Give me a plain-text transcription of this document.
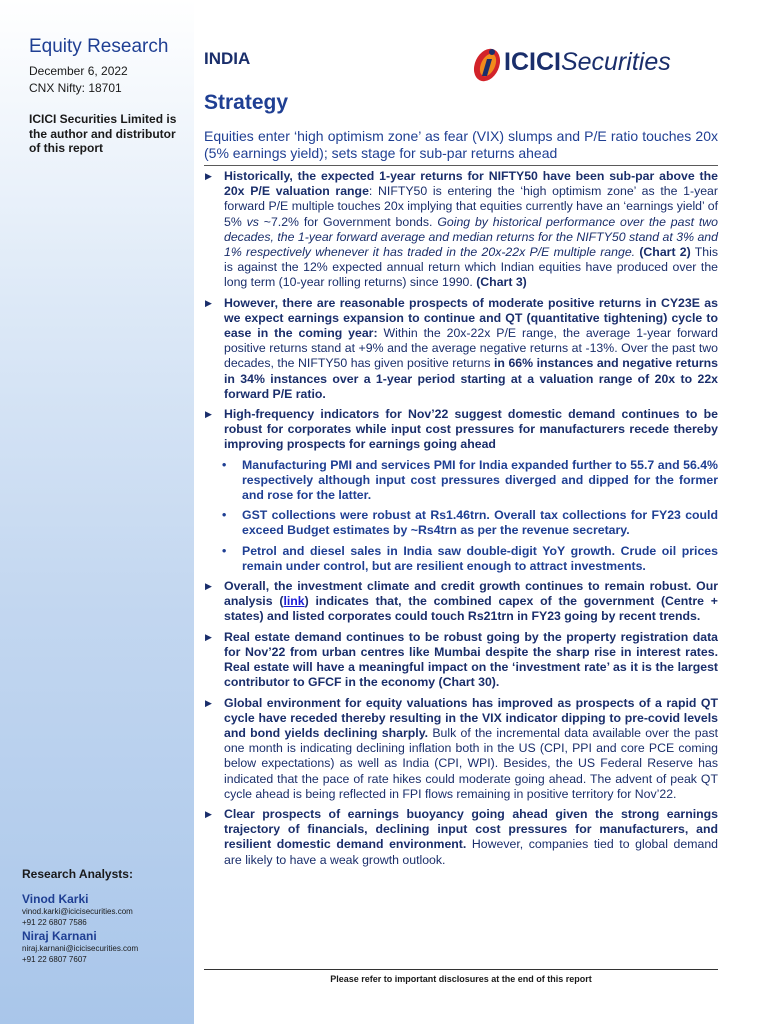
Equity Research
December 6, 2022
CNX Nifty: 18701
ICICI Securities Limited is the author and distributor of this report
Research Analysts:
Vinod Karki
vinod.karki@icicisecurities.com
+91 22 6807 7586
Niraj Karnani
niraj.karnani@icicisecurities.com
+91 22 6807 7607
INDIA	ICICISecurities
Strategy
Equities enter ‘high optimism zone’ as fear (VIX) slumps and P/E ratio touches 20x (5% earnings yield); sets stage for sub-par returns ahead
▶ Historically, the expected 1-year returns for NIFTY50 have been sub-par above the 20x P/E valuation range: NIFTY50 is entering the ‘high optimism zone’ as the 1-year forward P/E multiple touches 20x implying that equities currently have an ‘earnings yield’ of 5% vs ~7.2% for Government bonds. Going by historical performance over the past two decades, the 1-year forward average and median returns for the NIFTY50 stand at 3% and 1% respectively whenever it has traded in the 20x-22x P/E multiple range. (Chart 2) This is against the 12% expected annual return which Indian equities have produced over the long term (10-year rolling returns) since 1990. (Chart 3)
▶ However, there are reasonable prospects of moderate positive returns in CY23E as we expect earnings expansion to continue and QT (quantitative tightening) cycle to ease in the coming year: Within the 20x-22x P/E range, the average 1-year forward positive returns stand at +9% and the average negative returns at -13%. Over the past two decades, the NIFTY50 has given positive returns in 66% instances and negative returns in 34% instances over a 1-year period starting at a valuation range of 20x to 22x forward P/E ratio.
▶ High-frequency indicators for Nov’22 suggest domestic demand continues to be robust for corporates while input cost pressures for manufacturers recede thereby improving prospects for earnings going ahead
• Manufacturing PMI and services PMI for India expanded further to 55.7 and 56.4% respectively although input cost pressures diverged and dipped for the former and rose for the latter.
• GST collections were robust at Rs1.46trn. Overall tax collections for FY23 could exceed Budget estimates by ~Rs4trn as per the revenue secretary.
• Petrol and diesel sales in India saw double-digit YoY growth. Crude oil prices remain under control, but are resilient enough to attract investments.
▶ Overall, the investment climate and credit growth continues to remain robust. Our analysis (link) indicates that, the combined capex of the government (Centre + states) and listed corporates could touch Rs21trn in FY23 going by recent trends.
▶ Real estate demand continues to be robust going by the property registration data for Nov’22 from urban centres like Mumbai despite the sharp rise in interest rates. Real estate will have a meaningful impact on the ‘investment rate’ as it is the largest contributor to GFCF in the economy (Chart 30).
▶ Global environment for equity valuations has improved as prospects of a rapid QT cycle have receded thereby resulting in the VIX indicator dipping to pre-covid levels and bond yields declining sharply. Bulk of the incremental data available over the past one month is indicating declining inflation both in the US (CPI, PPI and core PCE coming below expectations) as well as India (CPI, WPI). Besides, the US Federal Reserve has indicated that the pace of rate hikes could moderate going ahead. The advent of peak QT cycle ahead is being reflected in FPI flows remaining in positive territory for Nov’22.
▶ Clear prospects of earnings buoyancy going ahead given the strong earnings trajectory of financials, declining input cost pressures for manufacturers, and resilient domestic demand environment. However, companies tied to global demand are likely to have a weak growth outlook.
Please refer to important disclosures at the end of this report
